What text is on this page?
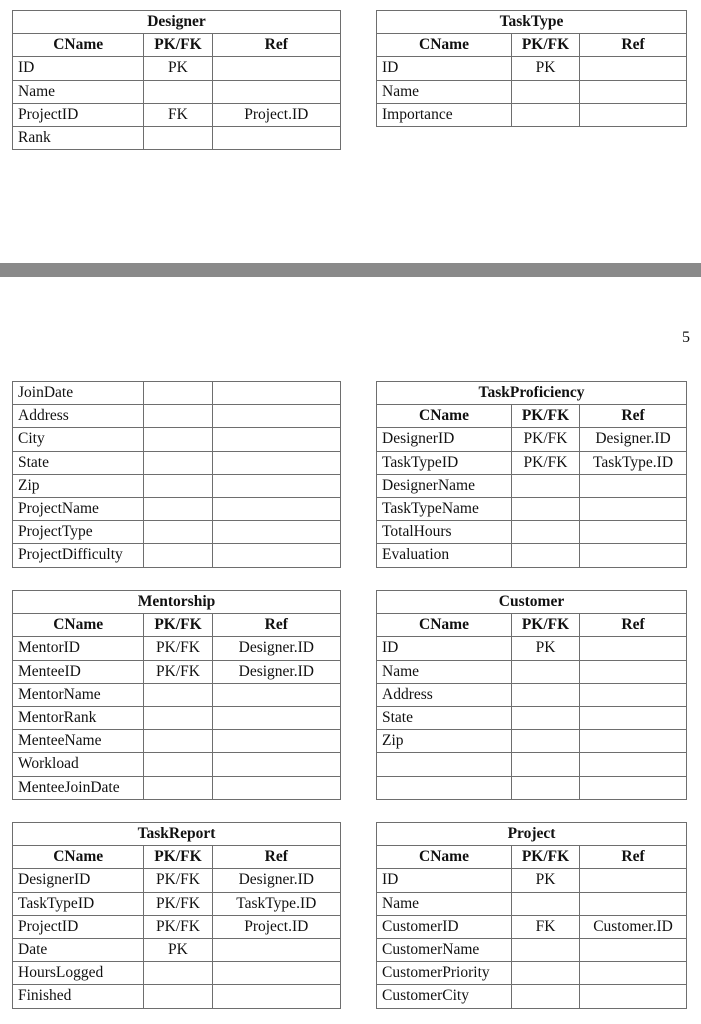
Designer		
CName	PK/FK	Ref
ID	PK	
Name		
ProjectID	FK	Project.ID
Rank		
TaskType		
CName	PK/FK	Ref
ID	PK	
Name		
Importance		
5
JoinDate		
Address		
City		
State		
Zip		
ProjectName		
ProjectType		
ProjectDifficulty		
TaskProficiency		
CName	PK/FK	Ref
DesignerID	PK/FK	Designer.ID
TaskTypeID	PK/FK	TaskType.ID
DesignerName		
TaskTypeName		
TotalHours		
Evaluation		
Mentorship		
CName	PK/FK	Ref
MentorID	PK/FK	Designer.ID
MenteeID	PK/FK	Designer.ID
MentorName		
MentorRank		
MenteeName		
Workload		
MenteeJoinDate		
Customer		
CName	PK/FK	Ref
ID	PK	
Name		
Address		
State		
Zip		

TaskReport		
CName	PK/FK	Ref
DesignerID	PK/FK	Designer.ID
TaskTypeID	PK/FK	TaskType.ID
ProjectID	PK/FK	Project.ID
Date	PK	
HoursLogged		
Finished		
Project		
CName	PK/FK	Ref
ID	PK	
Name		
CustomerID	FK	Customer.ID
CustomerName		
CustomerPriority		
CustomerCity		
